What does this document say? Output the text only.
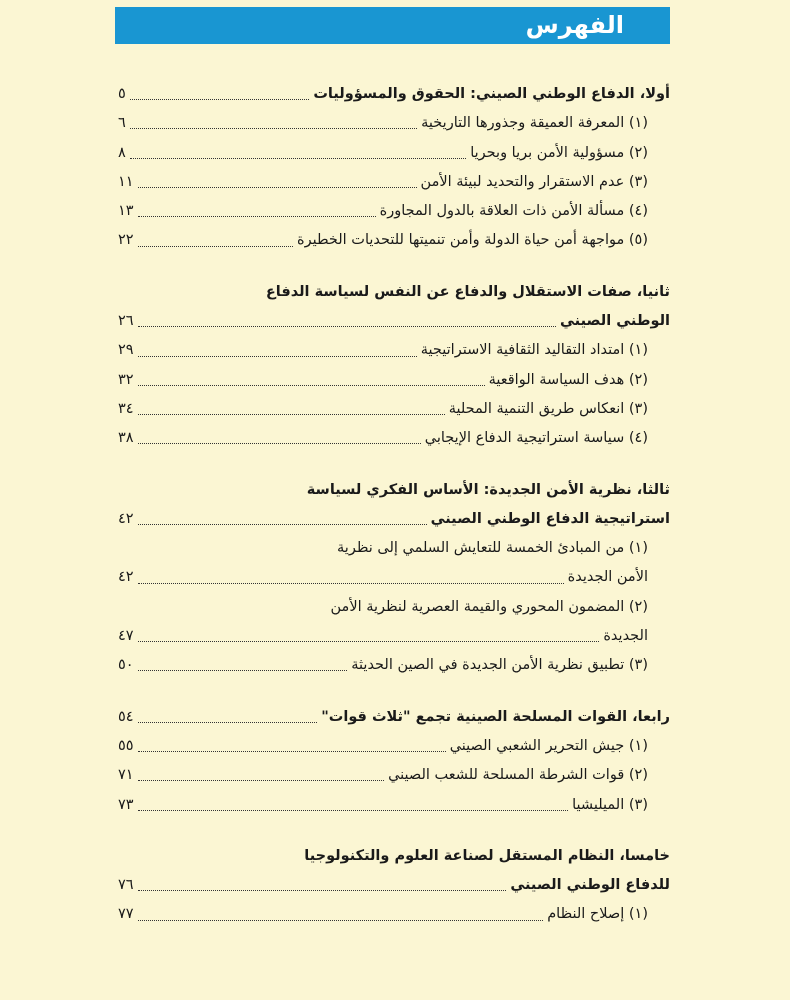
الفهرس
أولا، الدفاع الوطني الصيني: الحقوق والمسؤوليات
٥
(١) المعرفة العميقة وجذورها التاريخية
٦
(٢) مسؤولية الأمن بريا وبحريا
٨
(٣) عدم الاستقرار والتحديد لبيئة الأمن
١١
(٤) مسألة الأمن ذات العلاقة بالدول المجاورة
١٣
(٥) مواجهة أمن حياة الدولة وأمن تنميتها للتحديات الخطيرة
٢٢
ثانيا، صفات الاستقلال والدفاع عن النفس لسياسة الدفاع
الوطني الصيني
٢٦
(١) امتداد التقاليد الثقافية الاستراتيجية
٢٩
(٢) هدف السياسة الواقعية
٣٢
(٣) انعكاس طريق التنمية المحلية
٣٤
(٤) سياسة استراتيجية الدفاع الإيجابي
٣٨
ثالثا، نظرية الأمن الجديدة: الأساس الفكري لسياسة
استراتيجية الدفاع الوطني الصيني
٤٢
(١) من المبادئ الخمسة للتعايش السلمي إلى نظرية
الأمن الجديدة
٤٢
(٢) المضمون المحوري والقيمة العصرية لنظرية الأمن
الجديدة
٤٧
(٣) تطبيق نظرية الأمن الجديدة في الصين الحديثة
٥٠
رابعا، القوات المسلحة الصينية تجمع "ثلاث قوات"
٥٤
(١) جيش التحرير الشعبي الصيني
٥٥
(٢) قوات الشرطة المسلحة للشعب الصيني
٧١
(٣) الميليشيا
٧٣
خامسا، النظام المستقل لصناعة العلوم والتكنولوجيا
للدفاع الوطني الصيني
٧٦
(١) إصلاح النظام
٧٧
